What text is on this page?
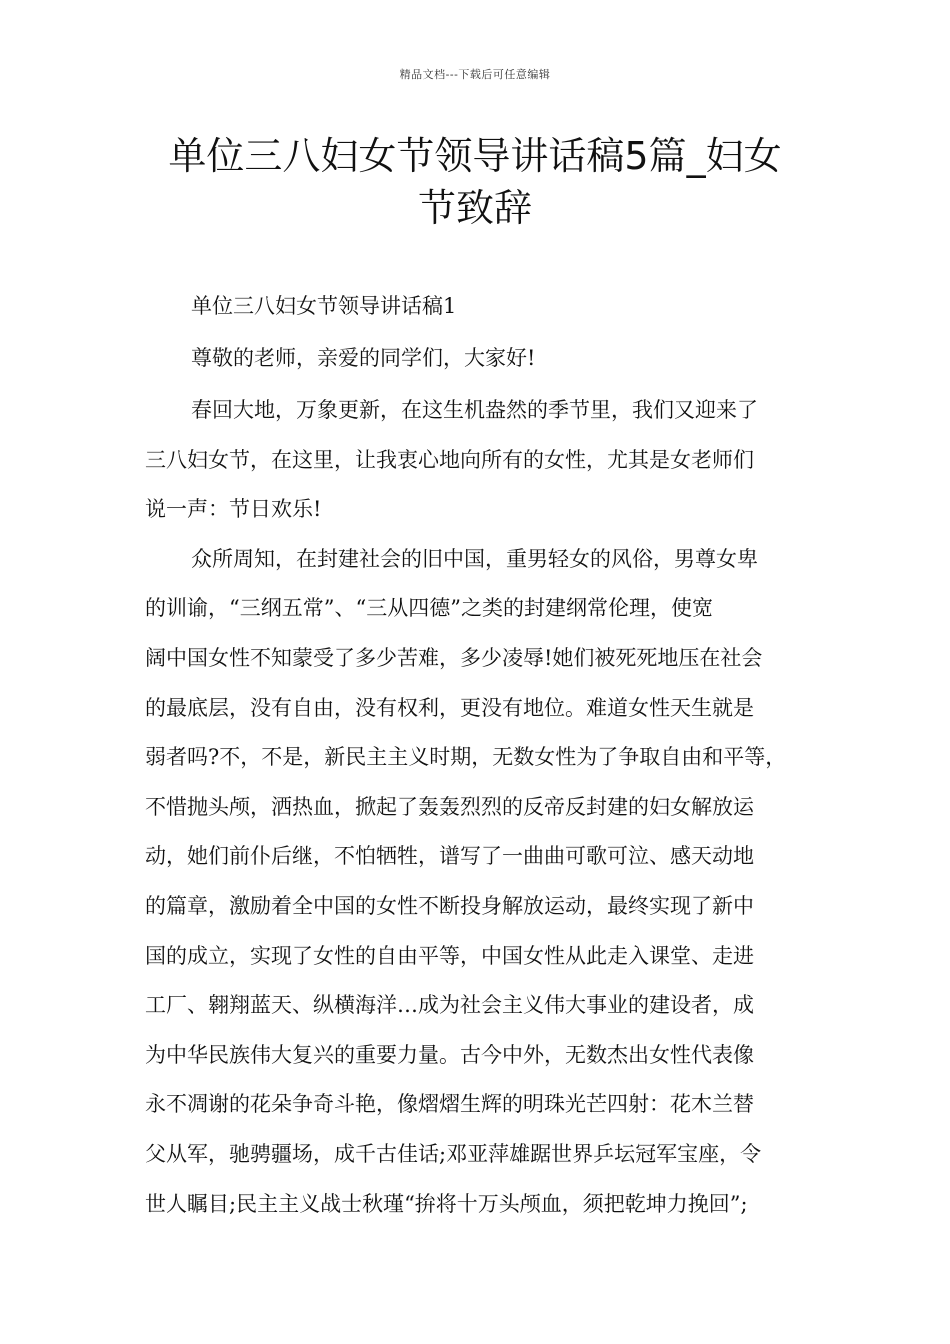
精品文档---下载后可任意编辑
单位三八妇女节领导讲话稿5篇_妇女
节致辞

单位三八妇女节领导讲话稿1

尊敬的老师，亲爱的同学们，大家好!

春回大地，万象更新，在这生机盎然的季节里，我们又迎来了

三八妇女节，在这里，让我衷心地向所有的女性，尤其是女老师们

说一声：节日欢乐!

众所周知，在封建社会的旧中国，重男轻女的风俗，男尊女卑

的训谕，“三纲五常”、“三从四德”之类的封建纲常伦理，使宽

阔中国女性不知蒙受了多少苦难，多少凌辱!她们被死死地压在社会

的最底层，没有自由，没有权利，更没有地位。难道女性天生就是

弱者吗?不，不是，新民主主义时期，无数女性为了争取自由和平等，

不惜抛头颅，洒热血，掀起了轰轰烈烈的反帝反封建的妇女解放运

动，她们前仆后继，不怕牺牲，谱写了一曲曲可歌可泣、感天动地

的篇章，激励着全中国的女性不断投身解放运动，最终实现了新中

国的成立，实现了女性的自由平等，中国女性从此走入课堂、走进

工厂、翱翔蓝天、纵横海洋…成为社会主义伟大事业的建设者，成

为中华民族伟大复兴的重要力量。古今中外，无数杰出女性代表像

永不凋谢的花朵争奇斗艳，像熠熠生辉的明珠光芒四射：花木兰替

父从军，驰骋疆场，成千古佳话;邓亚萍雄踞世界乒坛冠军宝座，令

世人瞩目;民主主义战士秋瑾“拚将十万头颅血，须把乾坤力挽回”;
